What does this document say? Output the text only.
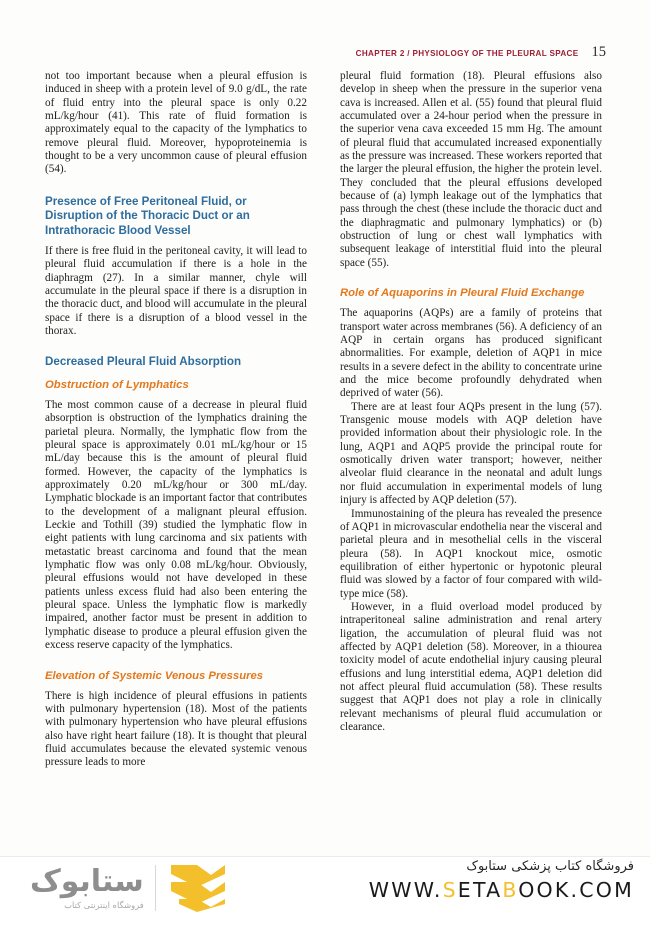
CHAPTER 2 / PHYSIOLOGY OF THE PLEURAL SPACE 15

not too important because when a pleural effusion is induced in sheep with a protein level of 9.0 g/dL, the rate of fluid entry into the pleural space is only 0.22 mL/kg/hour (41). This rate of fluid formation is approximately equal to the capacity of the lymphatics to remove pleural fluid. Moreover, hypoproteinemia is thought to be a very uncommon cause of pleural effusion (54).

Presence of Free Peritoneal Fluid, or Disruption of the Thoracic Duct or an Intrathoracic Blood Vessel

If there is free fluid in the peritoneal cavity, it will lead to pleural fluid accumulation if there is a hole in the diaphragm (27). In a similar manner, chyle will accumulate in the pleural space if there is a disruption in the thoracic duct, and blood will accumulate in the pleural space if there is a disruption of a blood vessel in the thorax.

Decreased Pleural Fluid Absorption
Obstruction of Lymphatics

The most common cause of a decrease in pleural fluid absorption is obstruction of the lymphatics draining the parietal pleura. Normally, the lymphatic flow from the pleural space is approximately 0.01 mL/kg/hour or 15 mL/day because this is the amount of pleural fluid formed. However, the capacity of the lymphatics is approximately 0.20 mL/kg/hour or 300 mL/day. Lymphatic blockade is an important factor that contributes to the development of a malignant pleural effusion. Leckie and Tothill (39) studied the lymphatic flow in eight patients with lung carcinoma and six patients with metastatic breast carcinoma and found that the mean lymphatic flow was only 0.08 mL/kg/hour. Obviously, pleural effusions would not have developed in these patients unless excess fluid had also been entering the pleural space. Unless the lymphatic flow is markedly impaired, another factor must be present in addition to lymphatic disease to produce a pleural effusion given the excess reserve capacity of the lymphatics.

Elevation of Systemic Venous Pressures

There is high incidence of pleural effusions in patients with pulmonary hypertension (18). Most of the patients with pulmonary hypertension who have pleural effusions also have right heart failure (18). It is thought that pleural fluid accumulates because the elevated systemic venous pressure leads to more

pleural fluid formation (18). Pleural effusions also develop in sheep when the pressure in the superior vena cava is increased. Allen et al. (55) found that pleural fluid accumulated over a 24-hour period when the pressure in the superior vena cava exceeded 15 mm Hg. The amount of pleural fluid that accumulated increased exponentially as the pressure was increased. These workers reported that the larger the pleural effusion, the higher the protein level. They concluded that the pleural effusions developed because of (a) lymph leakage out of the lymphatics that pass through the chest (these include the thoracic duct and the diaphragmatic and pulmonary lymphatics) or (b) obstruction of lung or chest wall lymphatics with subsequent leakage of interstitial fluid into the pleural space (55).

Role of Aquaporins in Pleural Fluid Exchange

The aquaporins (AQPs) are a family of proteins that transport water across membranes (56). A deficiency of an AQP in certain organs has produced significant abnormalities. For example, deletion of AQP1 in mice results in a severe defect in the ability to concentrate urine and the mice become profoundly dehydrated when deprived of water (56).

There are at least four AQPs present in the lung (57). Transgenic mouse models with AQP deletion have provided information about their physiologic role. In the lung, AQP1 and AQP5 provide the principal route for osmotically driven water transport; however, neither alveolar fluid clearance in the neonatal and adult lungs nor fluid accumulation in experimental models of lung injury is affected by AQP deletion (57).

Immunostaining of the pleura has revealed the presence of AQP1 in microvascular endothelia near the visceral and parietal pleura and in mesothelial cells in the visceral pleura (58). In AQP1 knockout mice, osmotic equilibration of either hypertonic or hypotonic pleural fluid was slowed by a factor of four compared with wild-type mice (58).

However, in a fluid overload model produced by intraperitoneal saline administration and renal artery ligation, the accumulation of pleural fluid was not affected by AQP1 deletion (58). Moreover, in a thiourea toxicity model of acute endothelial injury causing pleural effusions and lung interstitial edema, AQP1 deletion did not affect pleural fluid accumulation (58). These results suggest that AQP1 does not play a role in clinically relevant mechanisms of pleural fluid accumulation or clearance.

ستابوک
فروشگاه اینترنتی کتاب
فروشگاه کتاب پزشکی ستابوک
WWW.SETABOOK.COM
